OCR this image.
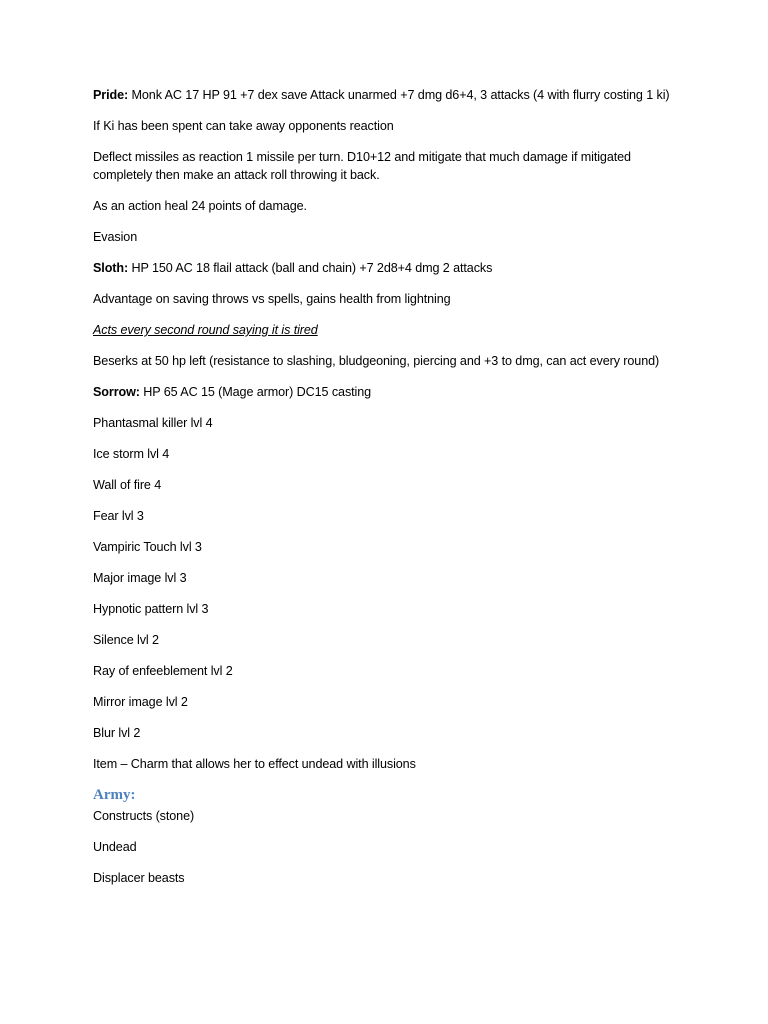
Pride: Monk AC 17 HP 91 +7 dex save Attack unarmed +7 dmg d6+4, 3 attacks (4 with flurry costing 1 ki)

If Ki has been spent can take away opponents reaction

Deflect missiles as reaction 1 missile per turn. D10+12 and mitigate that much damage if mitigated completely then make an attack roll throwing it back.

As an action heal 24 points of damage.

Evasion

Sloth: HP 150 AC 18 flail attack (ball and chain) +7 2d8+4 dmg 2 attacks

Advantage on saving throws vs spells, gains health from lightning

Acts every second round saying it is tired

Beserks at 50 hp left (resistance to slashing, bludgeoning, piercing and +3 to dmg, can act every round)

Sorrow: HP 65 AC 15 (Mage armor) DC15 casting

Phantasmal killer lvl 4

Ice storm lvl 4

Wall of fire 4

Fear lvl 3

Vampiric Touch lvl 3

Major image lvl 3

Hypnotic pattern lvl 3

Silence lvl 2

Ray of enfeeblement lvl 2

Mirror image lvl 2

Blur lvl 2

Item – Charm that allows her to effect undead with illusions

Army:

Constructs (stone)

Undead

Displacer beasts
